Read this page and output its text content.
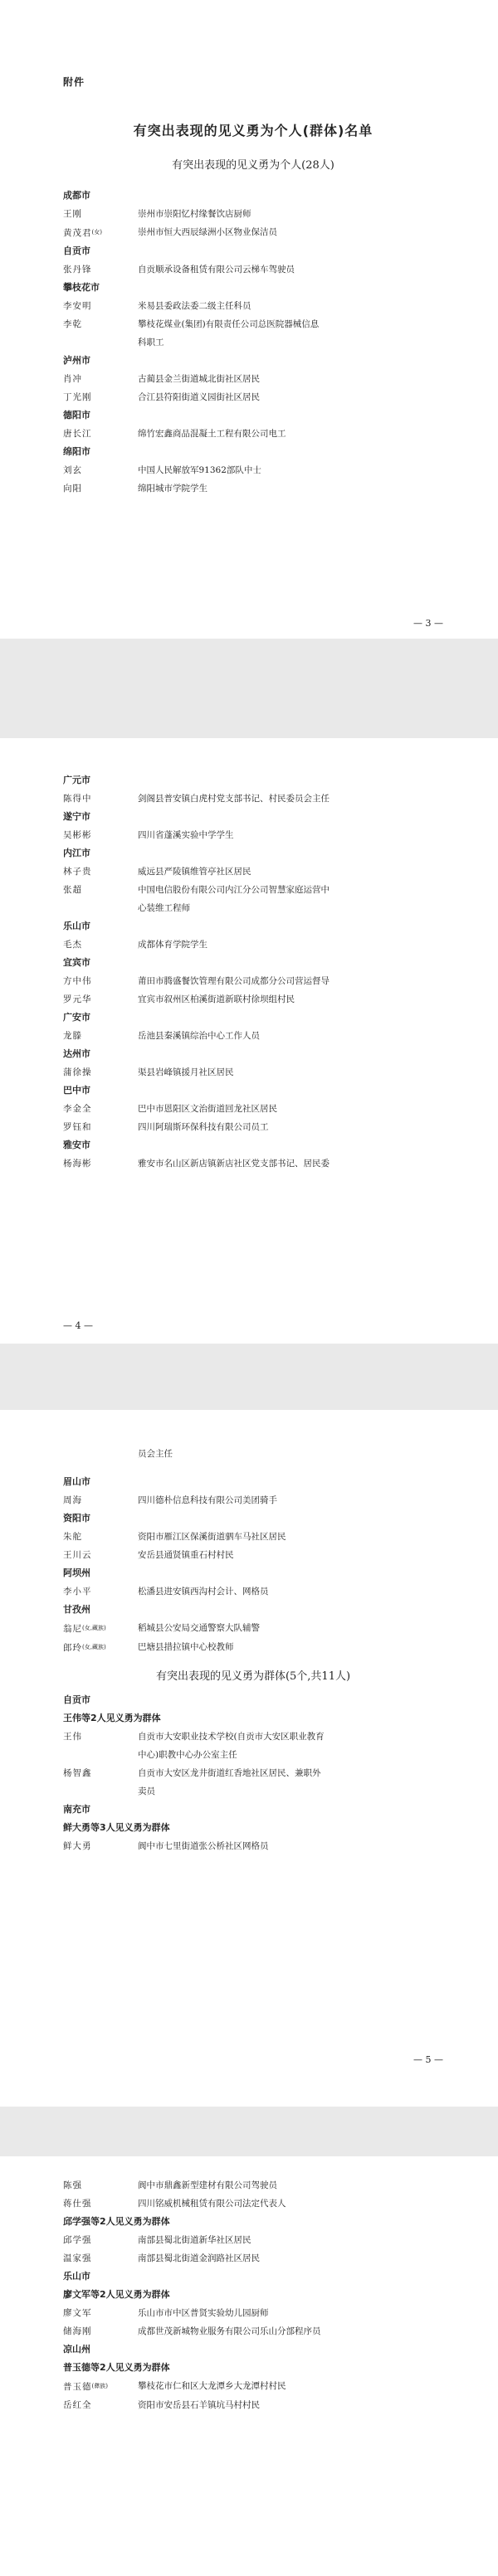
附件
有突出表现的见义勇为个人(群体)名单
有突出表现的见义勇为个人(28人)
成都市
王刚	崇州市崇阳忆村缘餐饮店厨师
黄茂君(女)	崇州市恒大西辰绿洲小区物业保洁员
自贡市
张丹锋	自贡顺承设备租赁有限公司云梯车驾驶员
攀枝花市
李安明	米易县委政法委二级主任科员
李乾	攀枝花煤业(集团)有限责任公司总医院器械信息
科职工
泸州市
肖冲	古蔺县金兰街道城北街社区居民
丁光刚	合江县符阳街道义园街社区居民
德阳市
唐长江	绵竹宏鑫商品混凝土工程有限公司电工
绵阳市
刘玄	中国人民解放军91362部队中士
向阳	绵阳城市学院学生
— 3 —
广元市
陈得中	剑阁县普安镇白虎村党支部书记、村民委员会主任
遂宁市
吴彬彬	四川省蓬溪实验中学学生
内江市
林子贵	威远县严陵镇维管亭社区居民
张超	中国电信股份有限公司内江分公司智慧家庭运营中
心装维工程师
乐山市
毛杰	成都体育学院学生
宜宾市
方中伟	莆田市腾盛餐饮管理有限公司成都分公司营运督导
罗元华	宜宾市叙州区柏溪街道新联村徐坝组村民
广安市
龙滕	岳池县秦溪镇综治中心工作人员
达州市
蒲徐操	渠县岩峰镇援月社区居民
巴中市
李金全	巴中市恩阳区文治街道回龙社区居民
罗钰和	四川阿瑞斯环保科技有限公司员工
雅安市
杨海彬	雅安市名山区新店镇新店社区党支部书记、居民委
— 4 —
员会主任
眉山市
周海	四川德朴信息科技有限公司美团骑手
资阳市
朱舵	资阳市雁江区保溪街道驷车马社区居民
王川云	安岳县通贤镇重石村村民
阿坝州
李小平	松潘县进安镇西沟村会计、网格员
甘孜州
翁尼(女,藏族)	稻城县公安局交通警察大队辅警
郎玲(女,藏族)	巴塘县措拉镇中心校教师
有突出表现的见义勇为群体(5个,共11人)
自贡市
王伟等2人见义勇为群体
王伟	自贡市大安职业技术学校(自贡市大安区职业教育
中心)职教中心办公室主任
杨智鑫	自贡市大安区龙井街道红香地社区居民、兼职外
卖员
南充市
鲜大勇等3人见义勇为群体
鲜大勇	阆中市七里街道张公桥社区网格员
— 5 —
陈强	阆中市鼎鑫新型建材有限公司驾驶员
蒋仕强	四川铭威机械租赁有限公司法定代表人
邱学强等2人见义勇为群体
邱学强	南部县蜀北街道新华社区居民
温家强	南部县蜀北街道金润路社区居民
乐山市
廖文军等2人见义勇为群体
廖文军	乐山市市中区普贤实验幼儿园厨师
储海刚	成都世茂新城物业服务有限公司乐山分部程序员
凉山州
普玉德等2人见义勇为群体
普玉德(彝族)	攀枝花市仁和区大龙潭乡大龙潭村村民
岳红全	资阳市安岳县石羊镇坑马村村民
